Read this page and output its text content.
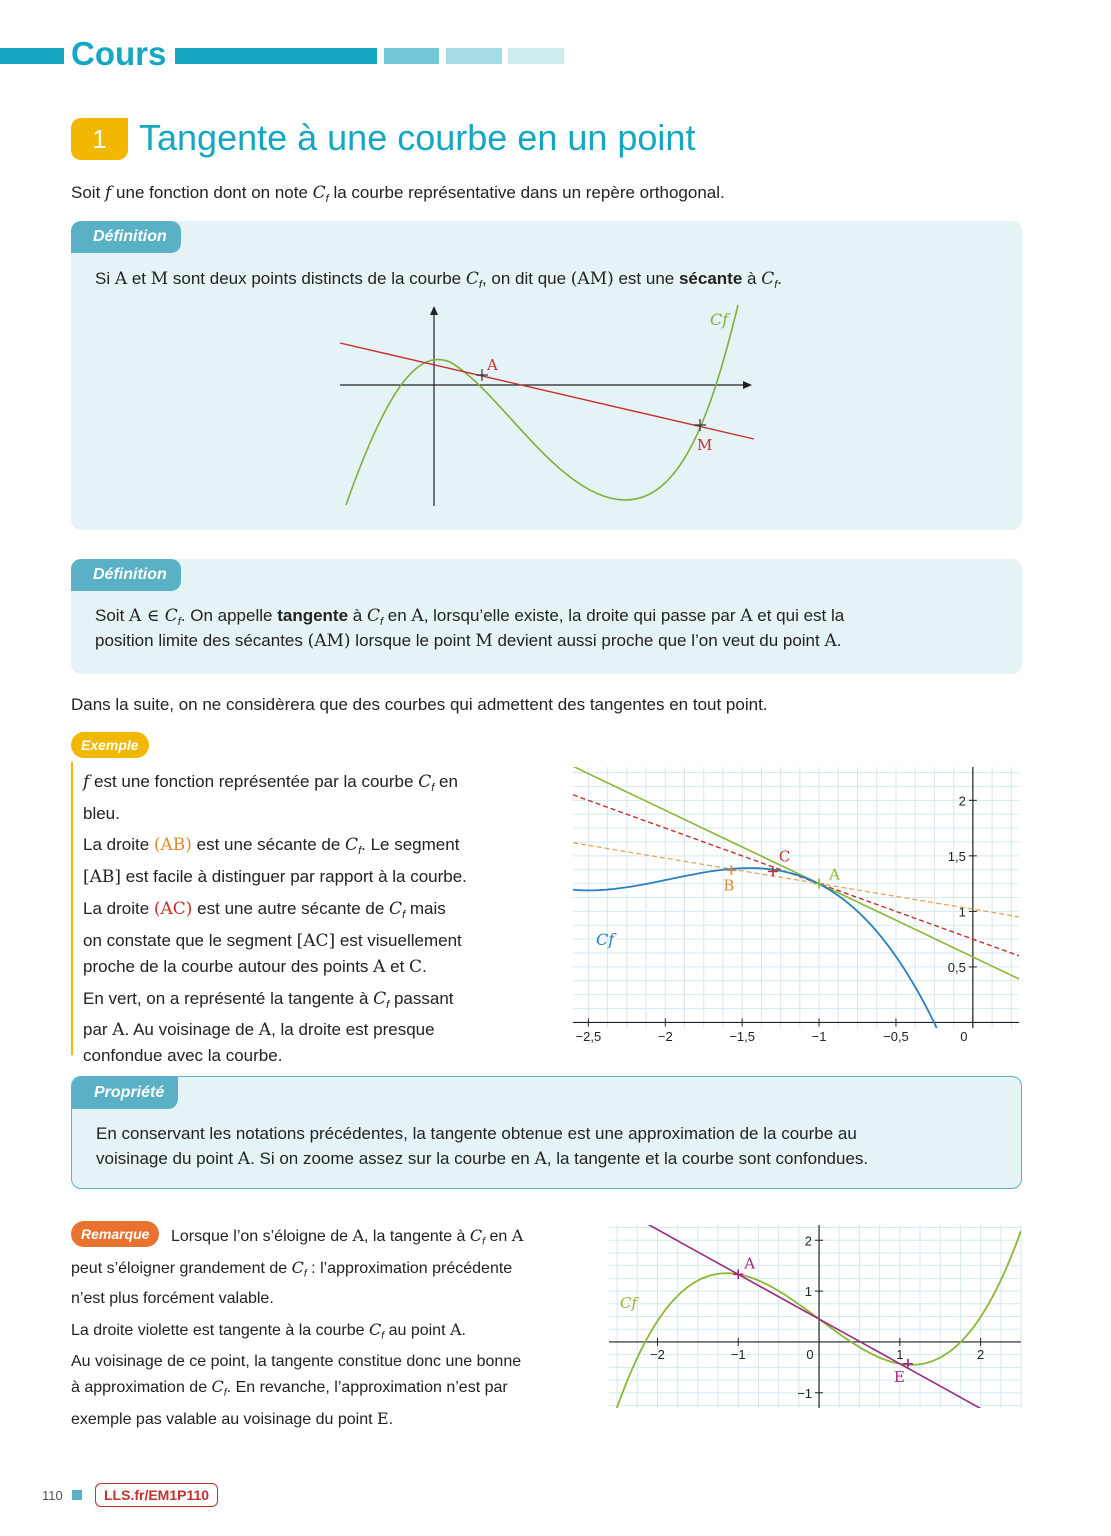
Cours
1 Tangente à une courbe en un point

Soit f une fonction dont on note $C_f$ la courbe représentative dans un repère orthogonal.

Définition

Si A et M sont deux points distincts de la courbe $C_f$, on dit que (AM) est une sécante à $C_f$.

A
M
Cf
Définition

Soit A ∈ $C_f$. On appelle tangente à $C_f$ en A, lorsqu’elle existe, la droite qui passe par A et qui est la

position limite des sécantes (AM) lorsque le point M devient aussi proche que l’on veut du point A.

Dans la suite, on ne considèrera que des courbes qui admettent des tangentes en tout point.

Exemple

f est une fonction représentée par la courbe $C_f$ en
bleu.

La droite (AB) est une sécante de $C_f$. Le segment
[AB] est facile à distinguer par rapport à la courbe.

La droite (AC) est une autre sécante de $C_f$ mais
on constate que le segment [AC] est visuellement
proche de la courbe autour des points A et C.

En vert, on a représenté la tangente à $C_f$ passant
par A. Au voisinage de A, la droite est presque
confondue avec la courbe.

−2,5	−2	−1,5	−1	−0,5	0
0,5
1
1,5
2
A
B
C
Cf
Propriété

En conservant les notations précédentes, la tangente obtenue est une approximation de la courbe au

voisinage du point A. Si on zoome assez sur la courbe en A, la tangente et la courbe sont confondues.

Remarque	Lorsque l’on s’éloigne de A, la tangente à $C_f$ en A

peut s’éloigner grandement de $C_f$ : l’approximation précédente

n’est plus forcément valable.

La droite violette est tangente à la courbe $C_f$ au point A.

Au voisinage de ce point, la tangente constitue donc une bonne

à approximation de $C_f$. En revanche, l’approximation n’est par

exemple pas valable au voisinage du point E.

−2	−1	0	1	2
−1
1
2
A
E
Cf
110	LLS.fr/EM1P110
